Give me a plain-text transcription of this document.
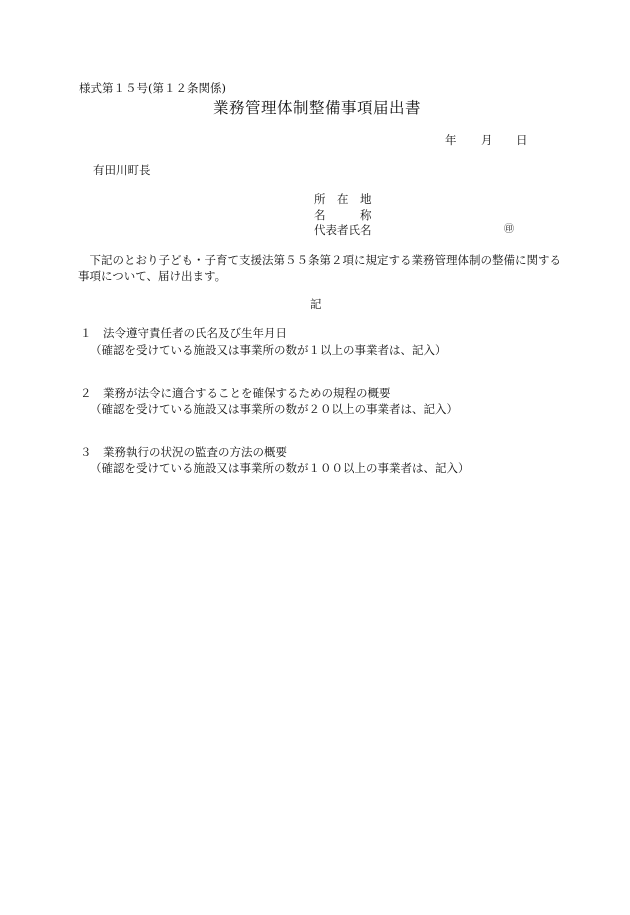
様式第１５号(第１２条関係)
業務管理体制整備事項届出書
年 月 日
有田川町長
所　在　地
名　　　称
代表者氏名	㊞
　下記のとおり子ども・子育て支援法第５５条第２項に規定する業務管理体制の整備に関する事項について、届け出ます。
記
１　法令遵守責任者の氏名及び生年月日
（確認を受けている施設又は事業所の数が１以上の事業者は、記入）
２　業務が法令に適合することを確保するための規程の概要
（確認を受けている施設又は事業所の数が２０以上の事業者は、記入）
３　業務執行の状況の監査の方法の概要
（確認を受けている施設又は事業所の数が１００以上の事業者は、記入）
